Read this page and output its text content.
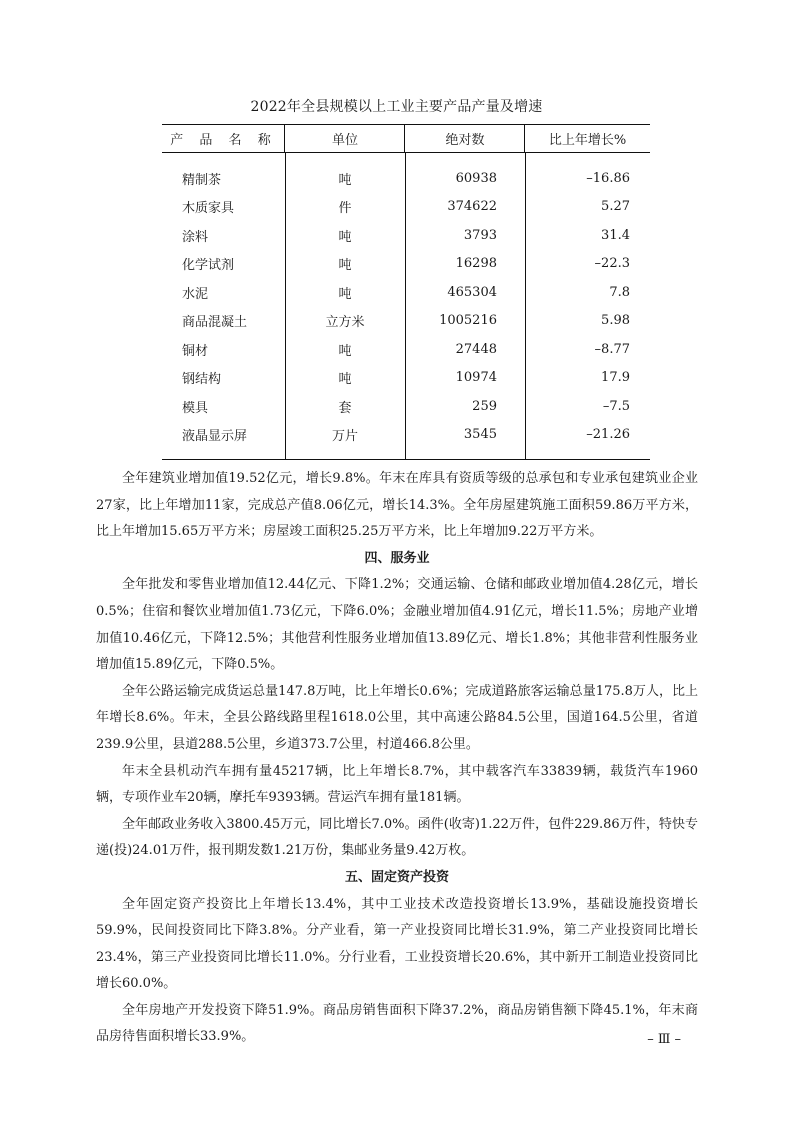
2022年全县规模以上工业主要产品产量及增速
产 品 名 称	单位	绝对数	比上年增长%
精制茶	吨	60938	–16.86
木质家具	件	374622	5.27
涂料	吨	3793	31.4
化学试剂	吨	16298	–22.3
水泥	吨	465304	7.8
商品混凝土	立方米	1005216	5.98
铜材	吨	27448	–8.77
钢结构	吨	10974	17.9
模具	套	259	–7.5
液晶显示屏	万片	3545	–21.26

全年建筑业增加值19.52亿元，增长9.8%。年末在库具有资质等级的总承包和专业承包建筑业企业27家，比上年增加11家，完成总产值8.06亿元，增长14.3%。全年房屋建筑施工面积59.86万平方米，比上年增加15.65万平方米；房屋竣工面积25.25万平方米，比上年增加9.22万平方米。

四、服务业

全年批发和零售业增加值12.44亿元、下降1.2%；交通运输、仓储和邮政业增加值4.28亿元，增长0.5%；住宿和餐饮业增加值1.73亿元，下降6.0%；金融业增加值4.91亿元，增长11.5%；房地产业增加值10.46亿元，下降12.5%；其他营利性服务业增加值13.89亿元、增长1.8%；其他非营利性服务业增加值15.89亿元，下降0.5%。

全年公路运输完成货运总量147.8万吨，比上年增长0.6%；完成道路旅客运输总量175.8万人，比上年增长8.6%。年末，全县公路线路里程1618.0公里，其中高速公路84.5公里，国道164.5公里，省道239.9公里，县道288.5公里，乡道373.7公里，村道466.8公里。

年末全县机动汽车拥有量45217辆，比上年增长8.7%，其中载客汽车33839辆，载货汽车1960辆，专项作业车20辆，摩托车9393辆。营运汽车拥有量181辆。

全年邮政业务收入3800.45万元，同比增长7.0%。函件(收寄)1.22万件，包件229.86万件，特快专递(投)24.01万件，报刊期发数1.21万份，集邮业务量9.42万枚。

五、固定资产投资

全年固定资产投资比上年增长13.4%，其中工业技术改造投资增长13.9%，基础设施投资增长59.9%，民间投资同比下降3.8%。分产业看，第一产业投资同比增长31.9%，第二产业投资同比增长23.4%，第三产业投资同比增长11.0%。分行业看，工业投资增长20.6%，其中新开工制造业投资同比增长60.0%。

全年房地产开发投资下降51.9%。商品房销售面积下降37.2%，商品房销售额下降45.1%，年末商品房待售面积增长33.9%。	– Ⅲ –
